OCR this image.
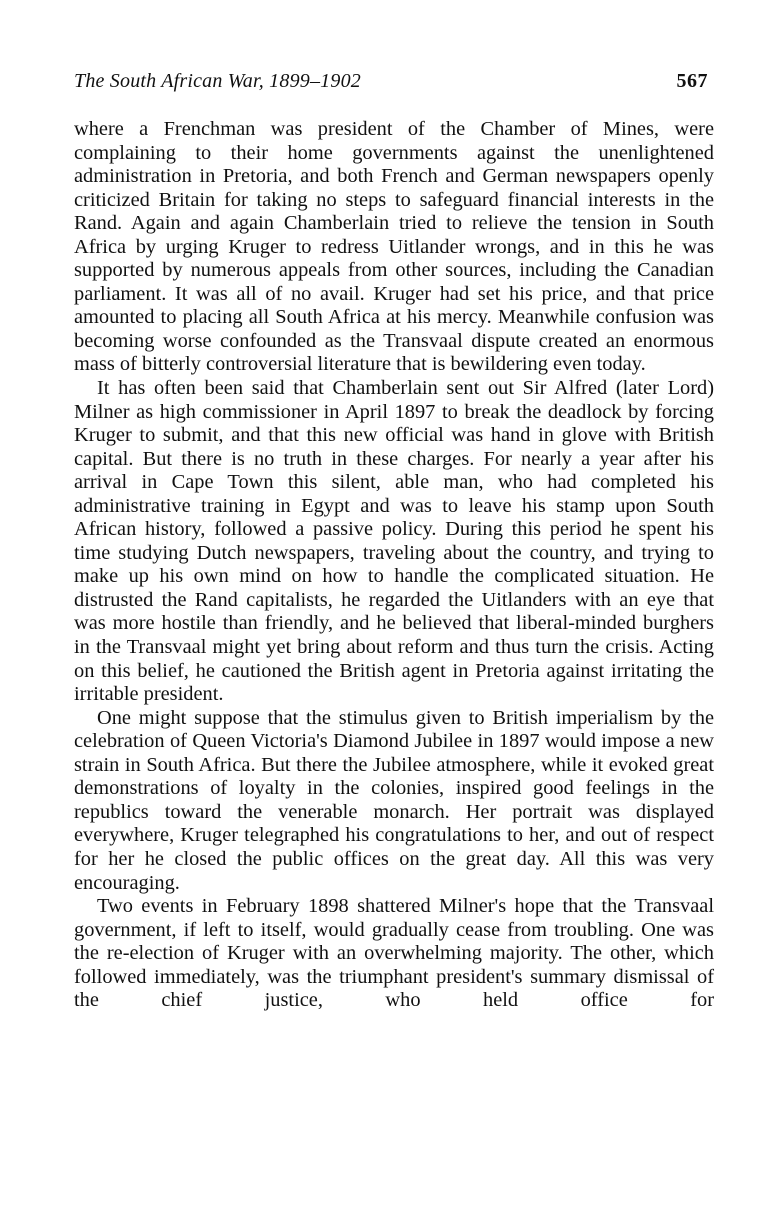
The South African War, 1899–1902	567

where a Frenchman was president of the Chamber of Mines, were complaining to their home governments against the unenlightened administration in Pretoria, and both French and German newspapers openly criticized Britain for taking no steps to safeguard financial interests in the Rand. Again and again Chamberlain tried to relieve the tension in South Africa by urging Kruger to redress Uitlander wrongs, and in this he was supported by numerous appeals from other sources, including the Canadian parliament. It was all of no avail. Kruger had set his price, and that price amounted to placing all South Africa at his mercy. Meanwhile confusion was becoming worse confounded as the Transvaal dispute created an enormous mass of bitterly controversial literature that is bewildering even today.

It has often been said that Chamberlain sent out Sir Alfred (later Lord) Milner as high commissioner in April 1897 to break the deadlock by forcing Kruger to submit, and that this new official was hand in glove with British capital. But there is no truth in these charges. For nearly a year after his arrival in Cape Town this silent, able man, who had completed his administrative training in Egypt and was to leave his stamp upon South African history, followed a passive policy. During this period he spent his time studying Dutch newspapers, traveling about the country, and trying to make up his own mind on how to handle the complicated situation. He distrusted the Rand capitalists, he regarded the Uitlanders with an eye that was more hostile than friendly, and he believed that liberal-minded burghers in the Transvaal might yet bring about reform and thus turn the crisis. Acting on this belief, he cautioned the British agent in Pretoria against irritating the irritable president.

One might suppose that the stimulus given to British imperialism by the celebration of Queen Victoria's Diamond Jubilee in 1897 would impose a new strain in South Africa. But there the Jubilee atmosphere, while it evoked great demonstrations of loyalty in the colonies, inspired good feelings in the republics toward the venerable monarch. Her portrait was displayed everywhere, Kruger telegraphed his congratulations to her, and out of respect for her he closed the public offices on the great day. All this was very encouraging.

Two events in February 1898 shattered Milner's hope that the Transvaal government, if left to itself, would gradually cease from troubling. One was the re-election of Kruger with an overwhelming majority. The other, which followed immediately, was the triumphant president's summary dismissal of the chief justice, who held office for
